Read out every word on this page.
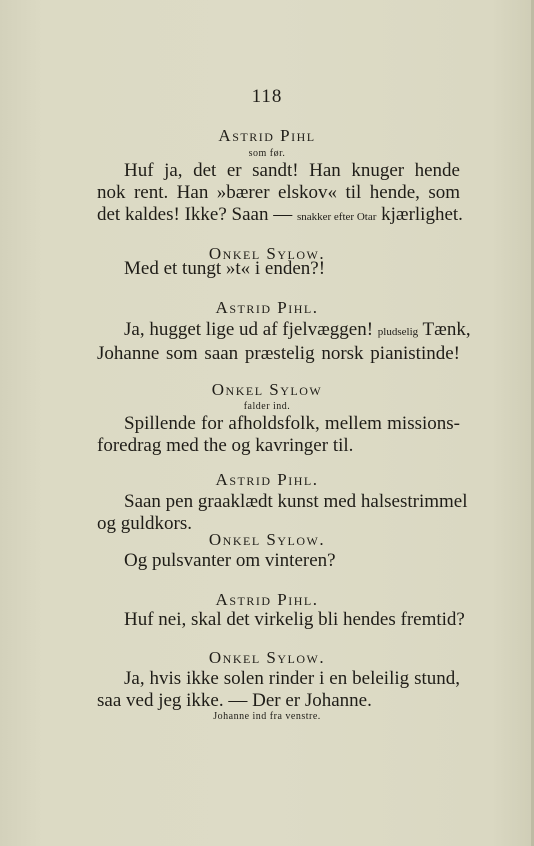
118
Astrid Pihl
som før.
Huf ja, det er sandt! Han knuger hende
nok rent. Han »bærer elskov« til hende, som
det kaldes! Ikke? Saan — snakker efter Otar kjærlighet.
Onkel Sylow.
Med et tungt »t« i enden?!
Astrid Pihl.
Ja, hugget lige ud af fjelvæggen! pludselig Tænk,
Johanne som saan præstelig norsk pianistinde!
Onkel Sylow
falder ind.
Spillende for afholdsfolk, mellem missions-
foredrag med the og kavringer til.
Astrid Pihl.
Saan pen graaklædt kunst med halsestrimmel
og guldkors.
Onkel Sylow.
Og pulsvanter om vinteren?
Astrid Pihl.
Huf nei, skal det virkelig bli hendes fremtid?
Onkel Sylow.
Ja, hvis ikke solen rinder i en beleilig stund,
saa ved jeg ikke. — Der er Johanne.
Johanne ind fra venstre.
